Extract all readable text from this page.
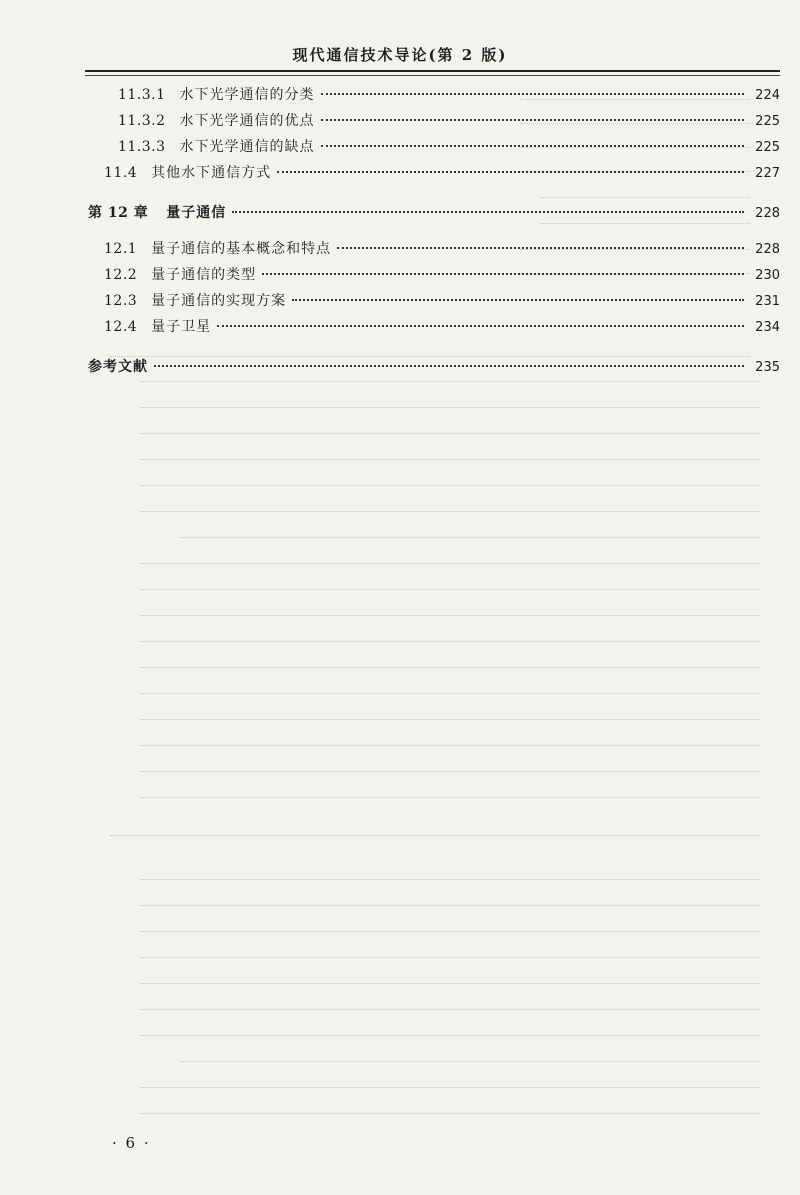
现代通信技术导论(第 2 版)
11.3.1 水下光学通信的分类	224
11.3.2 水下光学通信的优点	225
11.3.3 水下光学通信的缺点	225
11.4 其他水下通信方式	227
第 12 章 量子通信	228
12.1 量子通信的基本概念和特点	228
12.2 量子通信的类型	230
12.3 量子通信的实现方案	231
12.4 量子卫星	234
参考文献	235
· 6 ·
